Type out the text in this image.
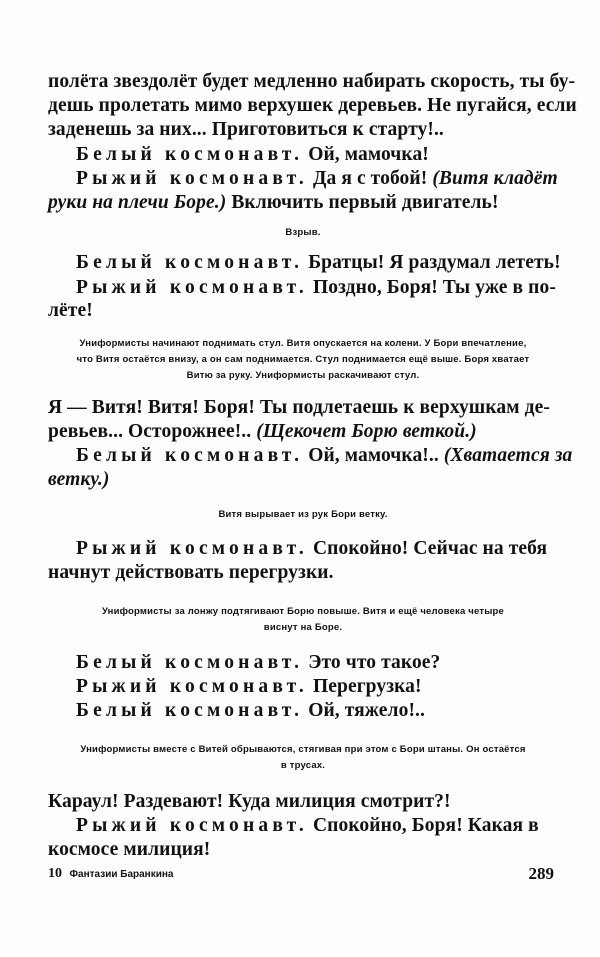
полёта звездолёт будет медленно набирать скорость, ты бу-
дешь пролетать мимо верхушек деревьев. Не пугайся, если
заденешь за них... Приготовиться к старту!..
Белый космонавт. Ой, мамочка!
Рыжий космонавт. Да я с тобой! (Витя кладёт
руки на плечи Боре.) Включить первый двигатель!
Взрыв.
Белый космонавт. Братцы! Я раздумал лететь!
Рыжий космонавт. Поздно, Боря! Ты уже в по-
лёте!
Униформисты начинают поднимать стул. Витя опускается на колени. У Бори впечатление,
что Витя остаётся внизу, а он сам поднимается. Стул поднимается ещё выше. Боря хватает
Витю за руку. Униформисты раскачивают стул.
Я — Витя! Витя! Боря! Ты подлетаешь к верхушкам де-
ревьев... Осторожнее!.. (Щекочет Борю веткой.)
Белый космонавт. Ой, мамочка!.. (Хватается за
ветку.)
Витя вырывает из рук Бори ветку.
Рыжий космонавт. Спокойно! Сейчас на тебя
начнут действовать перегрузки.
Униформисты за лонжу подтягивают Борю повыше. Витя и ещё человека четыре
виснут на Боре.
Белый космонавт. Это что такое?
Рыжий космонавт. Перегрузка!
Белый космонавт. Ой, тяжело!..
Униформисты вместе с Витей обрываются, стягивая при этом с Бори штаны. Он остаётся
в трусах.
Караул! Раздевают! Куда милиция смотрит?!
Рыжий космонавт. Спокойно, Боря! Какая в
космосе милиция!
10 Фантазии Баранкина	289
